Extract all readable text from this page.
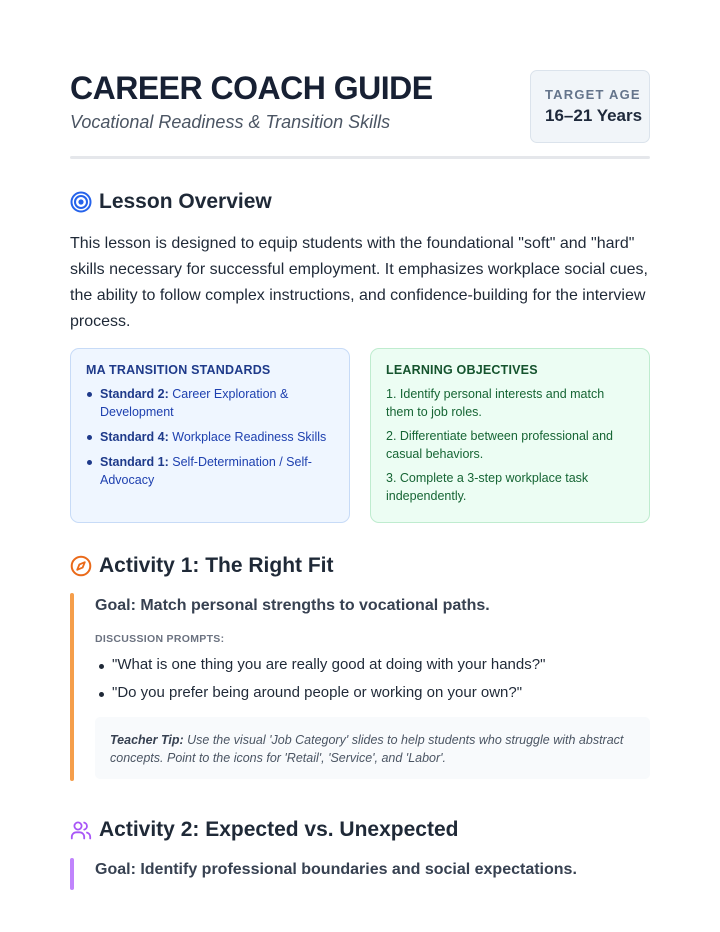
CAREER COACH GUIDE
Vocational Readiness & Transition Skills
TARGET AGE
16–21 Years
Lesson Overview

This lesson is designed to equip students with the foundational "soft" and "hard" skills necessary for successful employment. It emphasizes workplace social cues, the ability to follow complex instructions, and confidence-building for the interview process.

MA TRANSITION STANDARDS
Standard 2: Career Exploration & Development
Standard 4: Workplace Readiness Skills
Standard 1: Self-Determination / Self-Advocacy
LEARNING OBJECTIVES
1. Identify personal interests and match them to job roles.
2. Differentiate between professional and casual behaviors.
3. Complete a 3-step workplace task independently.
Activity 1: The Right Fit
Goal: Match personal strengths to vocational paths.
DISCUSSION PROMPTS:
"What is one thing you are really good at doing with your hands?"
"Do you prefer being around people or working on your own?"
Teacher Tip: Use the visual 'Job Category' slides to help students who struggle with abstract concepts. Point to the icons for 'Retail', 'Service', and 'Labor'.
Activity 2: Expected vs. Unexpected
Goal: Identify professional boundaries and social expectations.
